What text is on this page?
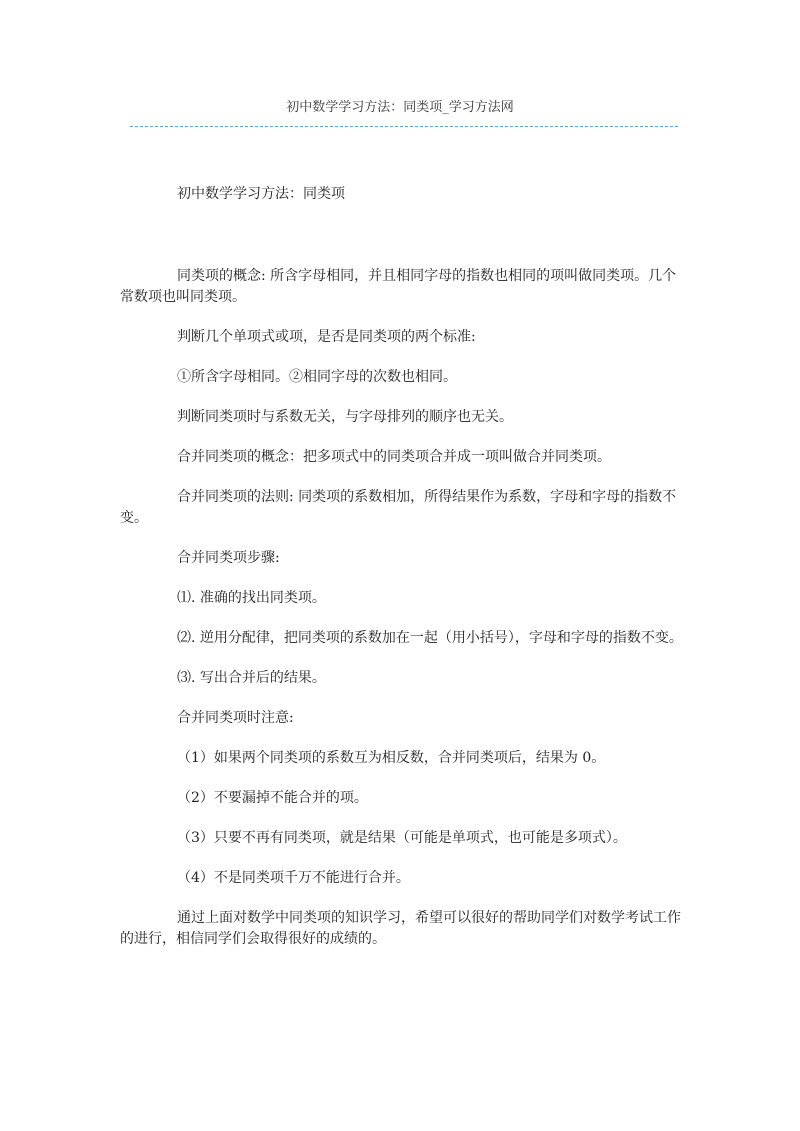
初中数学学习方法：同类项_学习方法网
初中数学学习方法：同类项

同类项的概念: 所含字母相同，并且相同字母的指数也相同的项叫做同类项。几个常数项也叫同类项。

判断几个单项式或项，是否是同类项的两个标准:

①所含字母相同。②相同字母的次数也相同。

判断同类项时与系数无关，与字母排列的顺序也无关。

合并同类项的概念：把多项式中的同类项合并成一项叫做合并同类项。

合并同类项的法则: 同类项的系数相加，所得结果作为系数，字母和字母的指数不变。

合并同类项步骤:

⑴. 准确的找出同类项。

⑵. 逆用分配律，把同类项的系数加在一起（用小括号），字母和字母的指数不变。

⑶. 写出合并后的结果。

合并同类项时注意:

（1）如果两个同类项的系数互为相反数，合并同类项后，结果为 0。

（2）不要漏掉不能合并的项。

（3）只要不再有同类项，就是结果（可能是单项式，也可能是多项式）。

（4）不是同类项千万不能进行合并。

通过上面对数学中同类项的知识学习，希望可以很好的帮助同学们对数学考试工作的进行，相信同学们会取得很好的成绩的。
